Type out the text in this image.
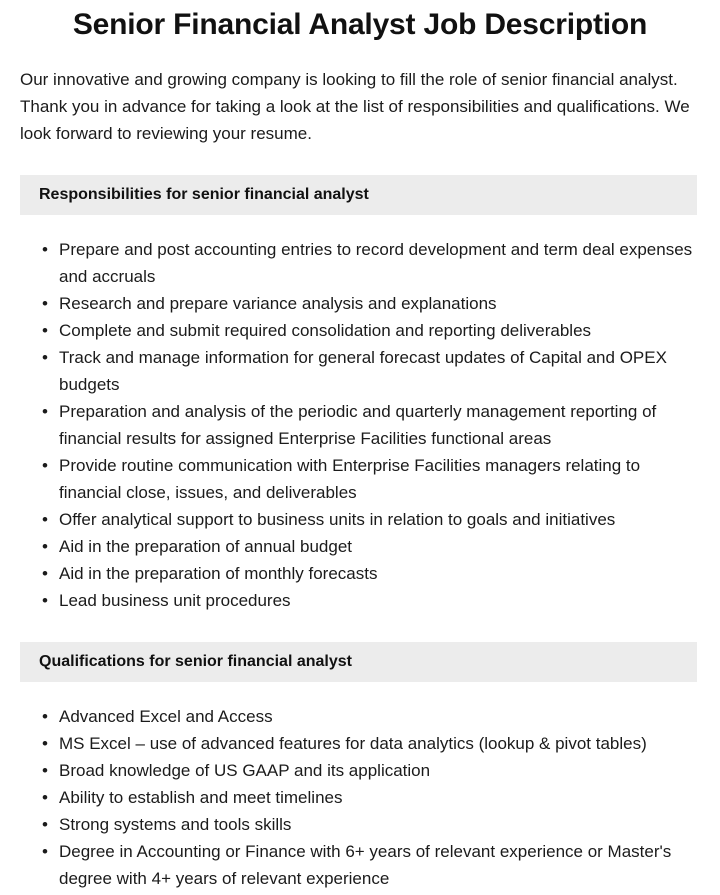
Senior Financial Analyst Job Description

Our innovative and growing company is looking to fill the role of senior financial analyst. Thank you in advance for taking a look at the list of responsibilities and qualifications. We look forward to reviewing your resume.

Responsibilities for senior financial analyst
• Prepare and post accounting entries to record development and term deal expenses and accruals
• Research and prepare variance analysis and explanations
• Complete and submit required consolidation and reporting deliverables
• Track and manage information for general forecast updates of Capital and OPEX budgets
• Preparation and analysis of the periodic and quarterly management reporting of financial results for assigned Enterprise Facilities functional areas
• Provide routine communication with Enterprise Facilities managers relating to financial close, issues, and deliverables
• Offer analytical support to business units in relation to goals and initiatives
• Aid in the preparation of annual budget
• Aid in the preparation of monthly forecasts
• Lead business unit procedures
Qualifications for senior financial analyst
• Advanced Excel and Access
• MS Excel – use of advanced features for data analytics (lookup & pivot tables)
• Broad knowledge of US GAAP and its application
• Ability to establish and meet timelines
• Strong systems and tools skills
• Degree in Accounting or Finance with 6+ years of relevant experience or Master's degree with 4+ years of relevant experience
